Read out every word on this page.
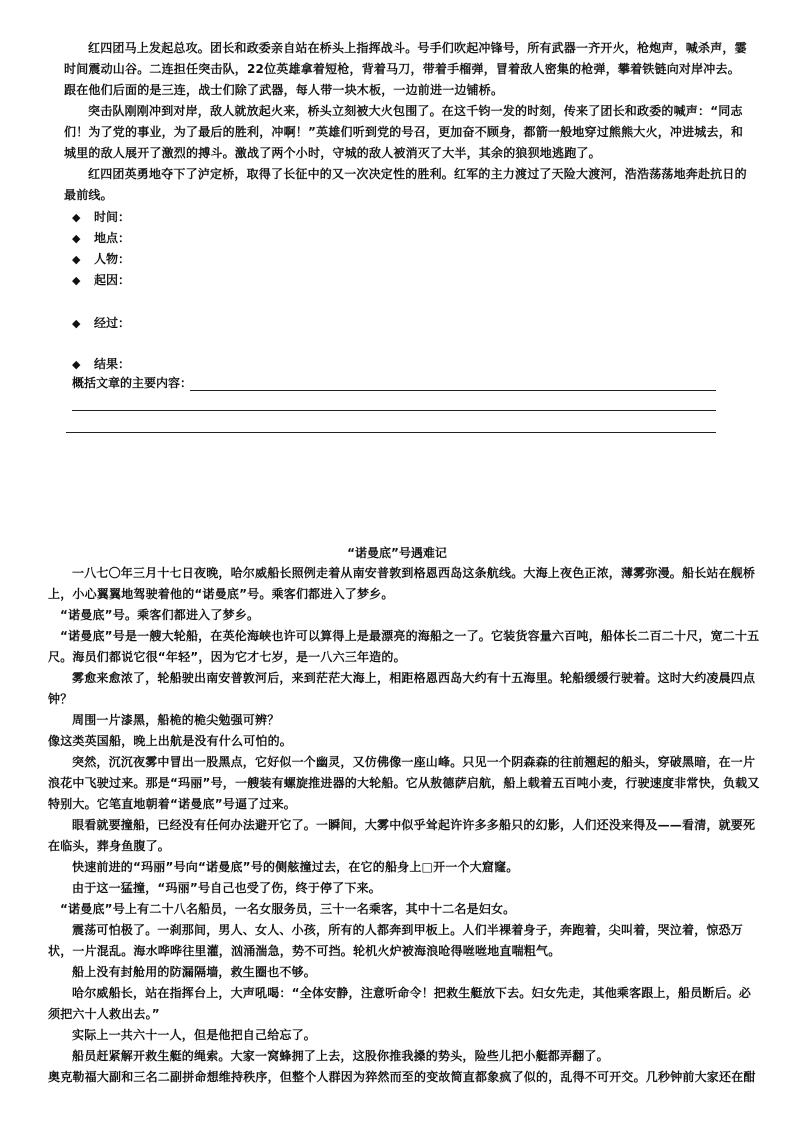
红四团马上发起总攻。团长和政委亲自站在桥头上指挥战斗。号手们吹起冲锋号，所有武器一齐开火，枪炮声，喊杀声，霎时间震动山谷。二连担任突击队，22位英雄拿着短枪，背着马刀，带着手榴弹，冒着敌人密集的枪弹，攀着铁链向对岸冲去。跟在他们后面的是三连，战士们除了武器，每人带一块木板，一边前进一边铺桥。

突击队刚刚冲到对岸，敌人就放起火来，桥头立刻被大火包围了。在这千钧一发的时刻，传来了团长和政委的喊声：“同志们！为了党的事业，为了最后的胜利，冲啊！”英雄们听到党的号召，更加奋不顾身，都箭一般地穿过熊熊大火，冲进城去，和城里的敌人展开了激烈的搏斗。激战了两个小时，守城的敌人被消灭了大半，其余的狼狈地逃跑了。

红四团英勇地夺下了泸定桥，取得了长征中的又一次决定性的胜利。红军的主力渡过了天险大渡河，浩浩荡荡地奔赴抗日的最前线。

◆ 时间：
◆ 地点：
◆ 人物：
◆ 起因：
◆ 经过：
◆ 结果：
概括文章的主要内容：
“诺曼底”号遇难记

一八七〇年三月十七日夜晚，哈尔威船长照例走着从南安普敦到格恩西岛这条航线。大海上夜色正浓，薄雾弥漫。船长站在舰桥上，小心翼翼地驾驶着他的“诺曼底”号。乘客们都进入了梦乡。

“诺曼底”号。乘客们都进入了梦乡。

“诺曼底”号是一艘大轮船，在英伦海峡也许可以算得上是最漂亮的海船之一了。它装货容量六百吨，船体长二百二十尺，宽二十五尺。海员们都说它很“年轻”，因为它才七岁，是一八六三年造的。

雾愈来愈浓了，轮船驶出南安普敦河后，来到茫茫大海上，相距格恩西岛大约有十五海里。轮船缓缓行驶着。这时大约凌晨四点钟？

周围一片漆黑，船桅的桅尖勉强可辨？

像这类英国船，晚上出航是没有什么可怕的。

突然，沉沉夜雾中冒出一股黑点，它好似一个幽灵，又仿佛像一座山峰。只见一个阴森森的往前翘起的船头，穿破黑暗，在一片浪花中飞驶过来。那是“玛丽”号，一艘装有螺旋推进器的大轮船。它从敖德萨启航，船上载着五百吨小麦，行驶速度非常快，负载又特别大。它笔直地朝着“诺曼底”号逼了过来。

眼看就要撞船，已经没有任何办法避开它了。一瞬间，大雾中似乎耸起许许多多船只的幻影，人们还没来得及——看清，就要死在临头，葬身鱼腹了。

快速前进的“玛丽”号向“诺曼底”号的侧舷撞过去，在它的船身上□开一个大窟窿。

由于这一猛撞，“玛丽”号自己也受了伤，终于停了下来。

“诺曼底”号上有二十八名船员，一名女服务员，三十一名乘客，其中十二名是妇女。

震荡可怕极了。一刹那间，男人、女人、小孩，所有的人都奔到甲板上。人们半裸着身子，奔跑着，尖叫着，哭泣着，惊恐万状，一片混乱。海水哗哗往里灌，汹涌湍急，势不可挡。轮机火炉被海浪呛得咝咝地直喘粗气。

船上没有封舱用的防漏隔墙，救生圈也不够。

哈尔威船长，站在指挥台上，大声吼喝：“全体安静，注意听命令！把救生艇放下去。妇女先走，其他乘客跟上，船员断后。必须把六十人救出去。”

实际上一共六十一人，但是他把自己给忘了。

船员赶紧解开救生艇的绳索。大家一窝蜂拥了上去，这股你推我搡的势头，险些儿把小艇都弄翻了。

奥克勒福大副和三名二副拼命想维持秩序，但整个人群因为猝然而至的变故简直都象疯了似的，乱得不可开交。几秒钟前大家还在酣
